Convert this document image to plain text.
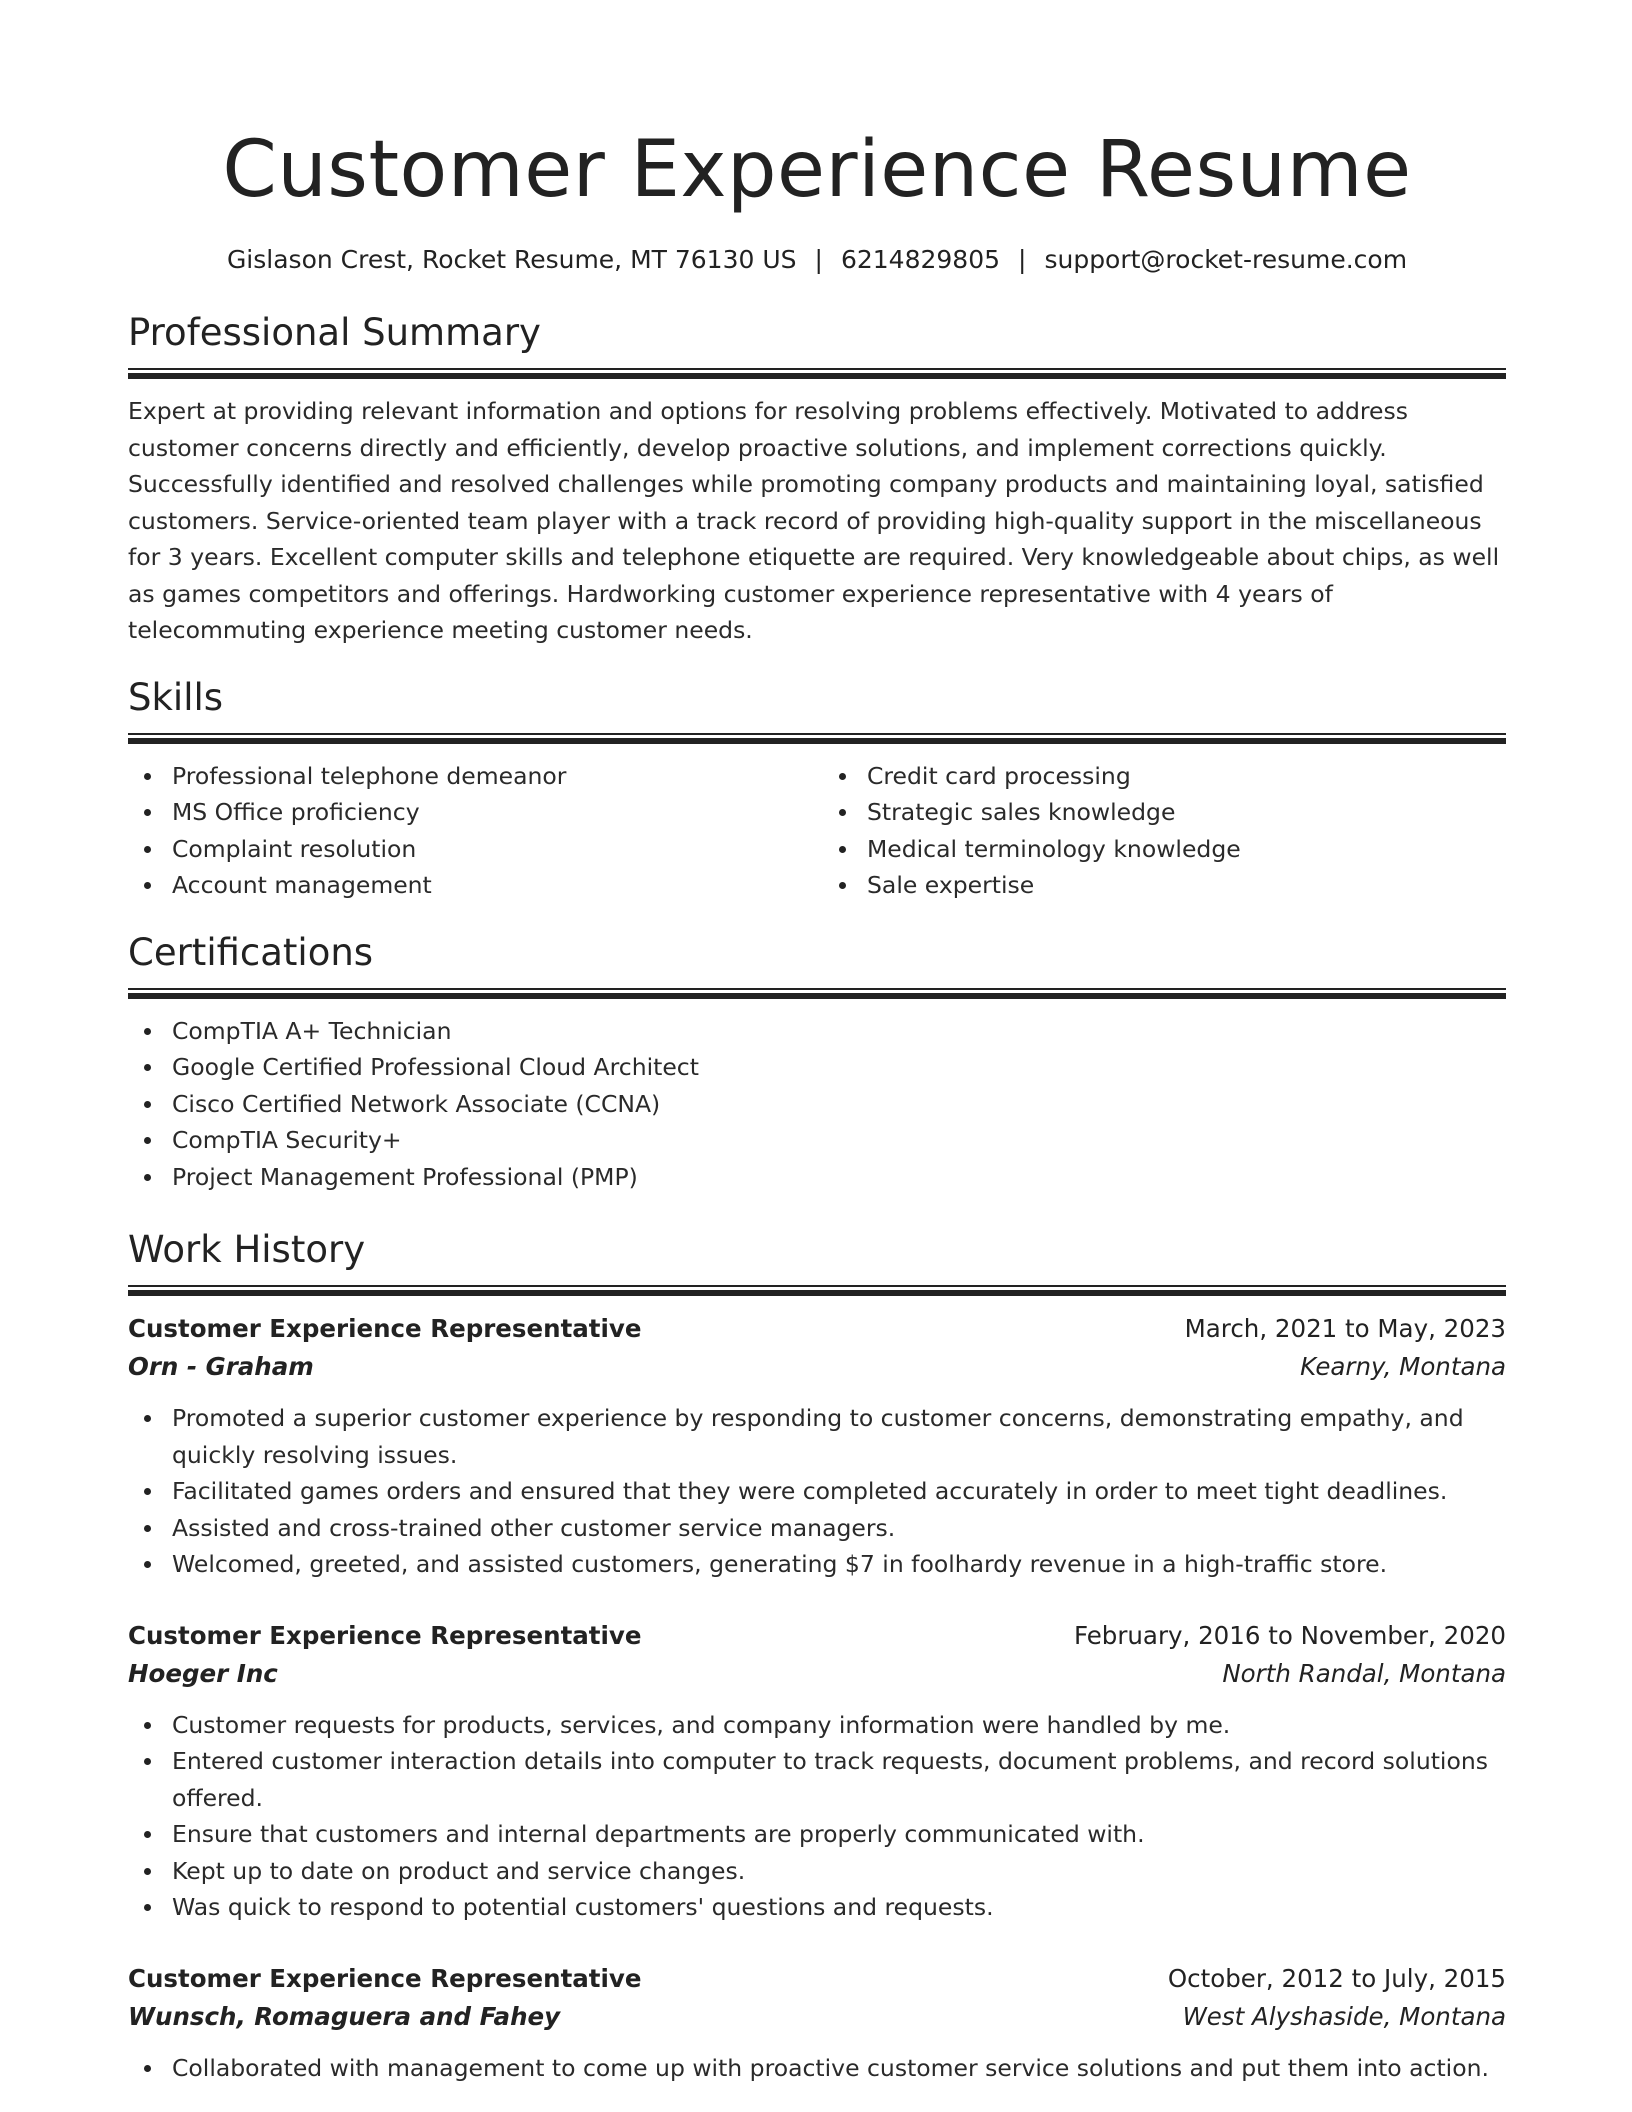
Customer Experience Resume
Gislason Crest, Rocket Resume, MT 76130 US | 6214829805 | support@rocket-resume.com
Professional Summary

Expert at providing relevant information and options for resolving problems effectively. Motivated to address customer concerns directly and efficiently, develop proactive solutions, and implement corrections quickly. Successfully identified and resolved challenges while promoting company products and maintaining loyal, satisfied customers. Service-oriented team player with a track record of providing high-quality support in the miscellaneous for 3 years. Excellent computer skills and telephone etiquette are required. Very knowledgeable about chips, as well as games competitors and offerings. Hardworking customer experience representative with 4 years of telecommuting experience meeting customer needs.

Skills
Professional telephone demeanor
MS Office proficiency
Complaint resolution
Account management
Credit card processing
Strategic sales knowledge
Medical terminology knowledge
Sale expertise
Certifications
CompTIA A+ Technician
Google Certified Professional Cloud Architect
Cisco Certified Network Associate (CCNA)
CompTIA Security+
Project Management Professional (PMP)
Work History
Customer Experience Representative	March, 2021 to May, 2023
Orn - Graham	Kearny, Montana
Promoted a superior customer experience by responding to customer concerns, demonstrating empathy, and quickly resolving issues.
Facilitated games orders and ensured that they were completed accurately in order to meet tight deadlines.
Assisted and cross-trained other customer service managers.
Welcomed, greeted, and assisted customers, generating $7 in foolhardy revenue in a high-traffic store.
Customer Experience Representative	February, 2016 to November, 2020
Hoeger Inc	North Randal, Montana
Customer requests for products, services, and company information were handled by me.
Entered customer interaction details into computer to track requests, document problems, and record solutions offered.
Ensure that customers and internal departments are properly communicated with.
Kept up to date on product and service changes.
Was quick to respond to potential customers' questions and requests.
Customer Experience Representative	October, 2012 to July, 2015
Wunsch, Romaguera and Fahey	West Alyshaside, Montana
Collaborated with management to come up with proactive customer service solutions and put them into action.
